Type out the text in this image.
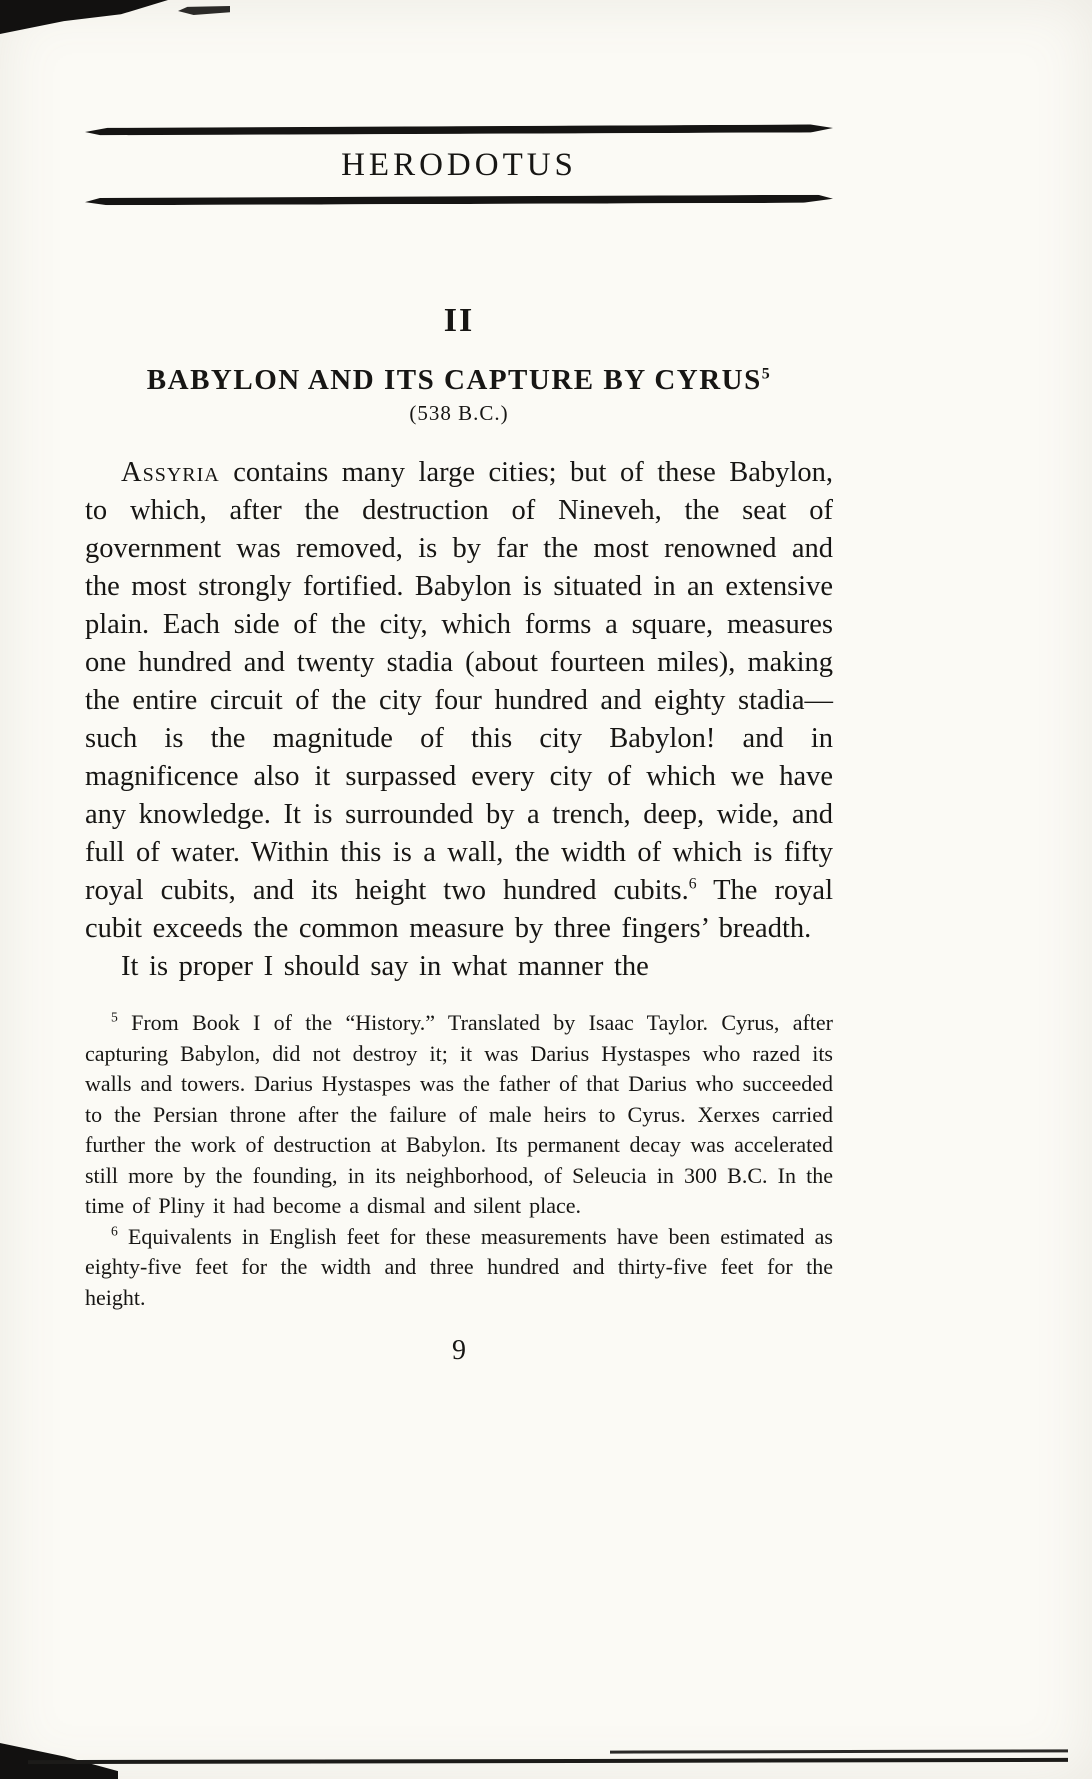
HERODOTUS
II
BABYLON AND ITS CAPTURE BY CYRUS$^5$
(538 B.C.)

Assyria contains many large cities; but of these Babylon, to which, after the destruction of Nineveh, the seat of government was removed, is by far the most renowned and the most strongly fortified. Babylon is situated in an extensive plain. Each side of the city, which forms a square, measures one hundred and twenty stadia (about fourteen miles), making the entire circuit of the city four hundred and eighty stadia—such is the magnitude of this city Babylon! and in magnificence also it surpassed every city of which we have any knowledge. It is surrounded by a trench, deep, wide, and full of water. Within this is a wall, the width of which is fifty royal cubits, and its height two hundred cubits.$^6$ The royal cubit exceeds the common measure by three fingers’ breadth.

It is proper I should say in what manner the

$^5$ From Book I of the “History.” Translated by Isaac Taylor. Cyrus, after capturing Babylon, did not destroy it; it was Darius Hystaspes who razed its walls and towers. Darius Hystaspes was the father of that Darius who succeeded to the Persian throne after the failure of male heirs to Cyrus. Xerxes carried further the work of destruction at Babylon. Its permanent decay was accelerated still more by the founding, in its neighborhood, of Seleucia in 300 B.C. In the time of Pliny it had become a dismal and silent place.

$^6$ Equivalents in English feet for these measurements have been estimated as eighty-five feet for the width and three hundred and thirty-five feet for the height.

9
